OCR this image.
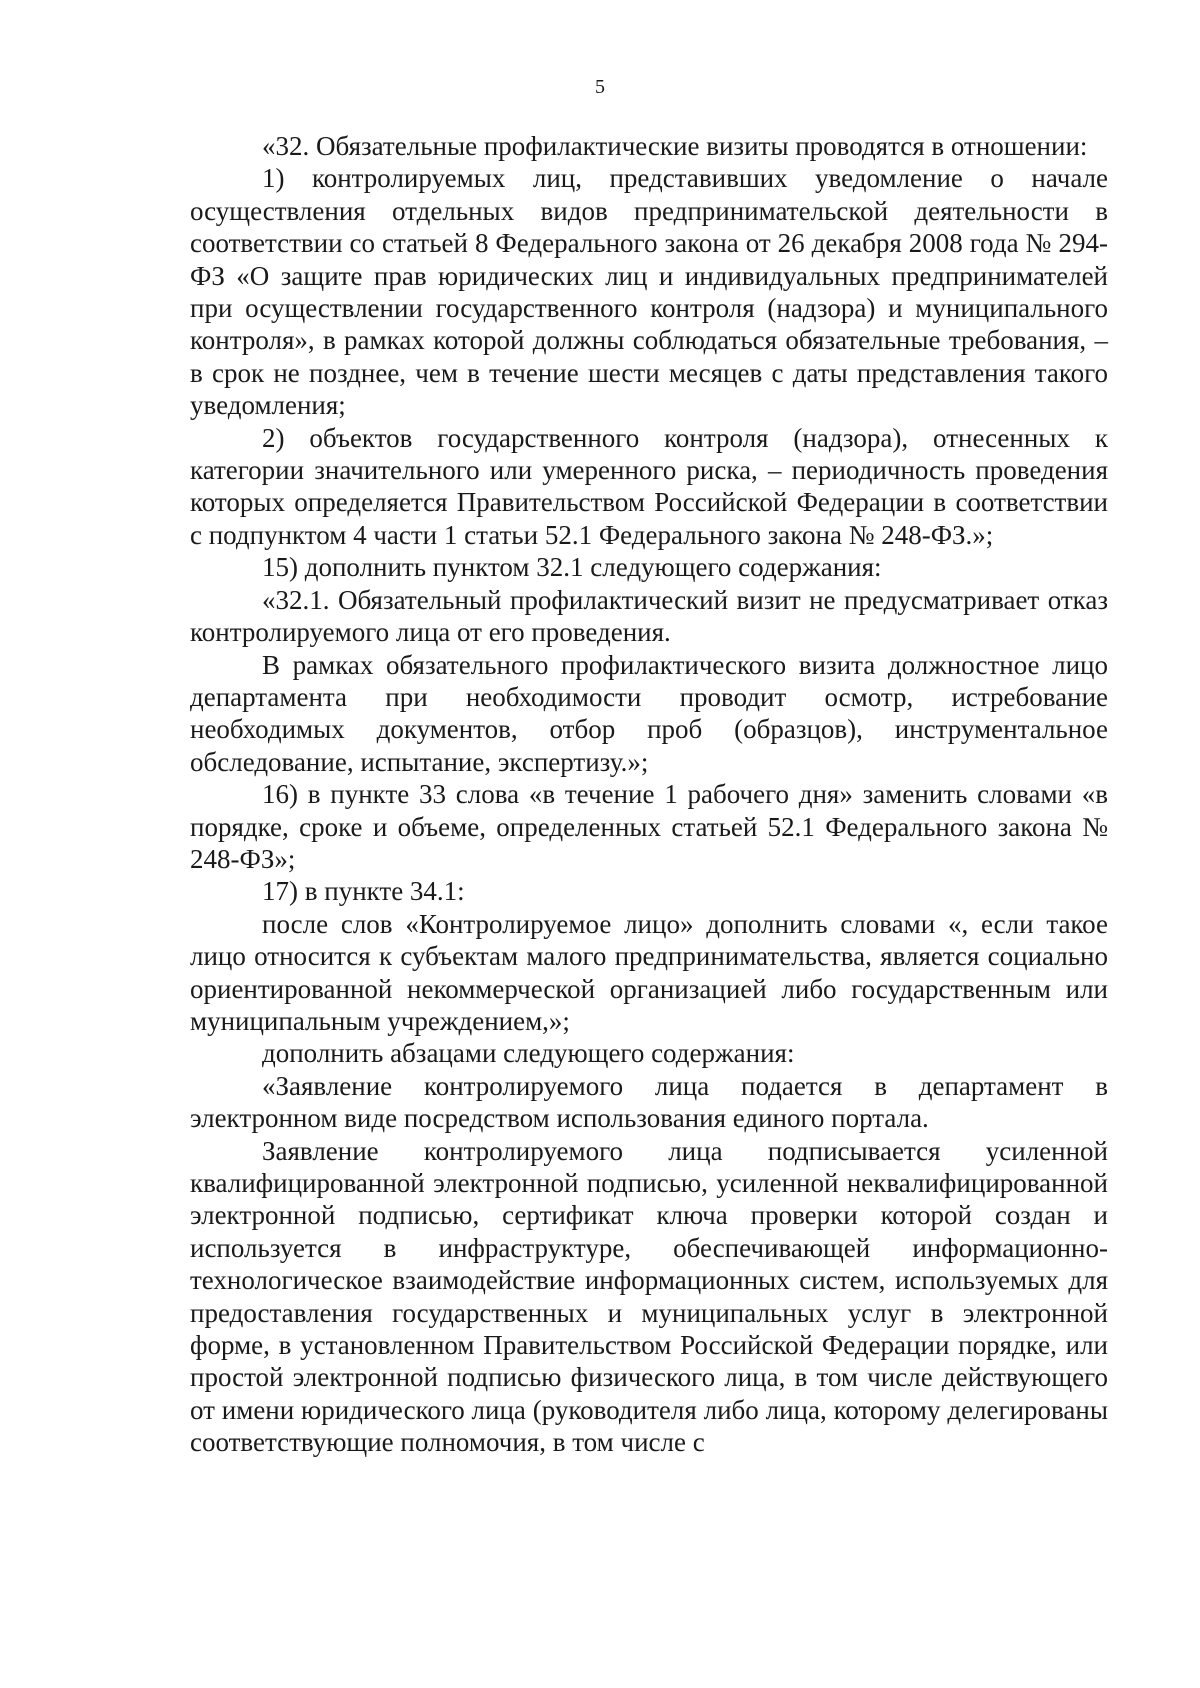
5

«32. Обязательные профилактические визиты проводятся в отношении:

1) контролируемых лиц, представивших уведомление о начале осуществления отдельных видов предпринимательской деятельности в соответствии со статьей 8 Федерального закона от 26 декабря 2008 года № 294-ФЗ «О защите прав юридических лиц и индивидуальных предпринимателей при осуществлении государственного контроля (надзора) и муниципального контроля», в рамках которой должны соблюдаться обязательные требования, – в срок не позднее, чем в течение шести месяцев с даты представления такого уведомления;

2) объектов государственного контроля (надзора), отнесенных к категории значительного или умеренного риска, – периодичность проведения которых определяется Правительством Российской Федерации в соответствии с подпунктом 4 части 1 статьи 52.1 Федерального закона № 248-ФЗ.»;

15) дополнить пунктом 32.1 следующего содержания:

«32.1. Обязательный профилактический визит не предусматривает отказ контролируемого лица от его проведения.

В рамках обязательного профилактического визита должностное лицо департамента при необходимости проводит осмотр, истребование необходимых документов, отбор проб (образцов), инструментальное обследование, испытание, экспертизу.»;

16) в пункте 33 слова «в течение 1 рабочего дня» заменить словами «в порядке, сроке и объеме, определенных статьей 52.1 Федерального закона № 248-ФЗ»;

17) в пункте 34.1:

после слов «Контролируемое лицо» дополнить словами «, если такое лицо относится к субъектам малого предпринимательства, является социально ориентированной некоммерческой организацией либо государственным или муниципальным учреждением,»;

дополнить абзацами следующего содержания:

«Заявление контролируемого лица подается в департамент в электронном виде посредством использования единого портала.

Заявление контролируемого лица подписывается усиленной квалифицированной электронной подписью, усиленной неквалифицированной электронной подписью, сертификат ключа проверки которой создан и используется в инфраструктуре, обеспечивающей информационно-технологическое взаимодействие информационных систем, используемых для предоставления государственных и муниципальных услуг в электронной форме, в установленном Правительством Российской Федерации порядке, или простой электронной подписью физического лица, в том числе действующего от имени юридического лица (руководителя либо лица, которому делегированы соответствующие полномочия, в том числе с
